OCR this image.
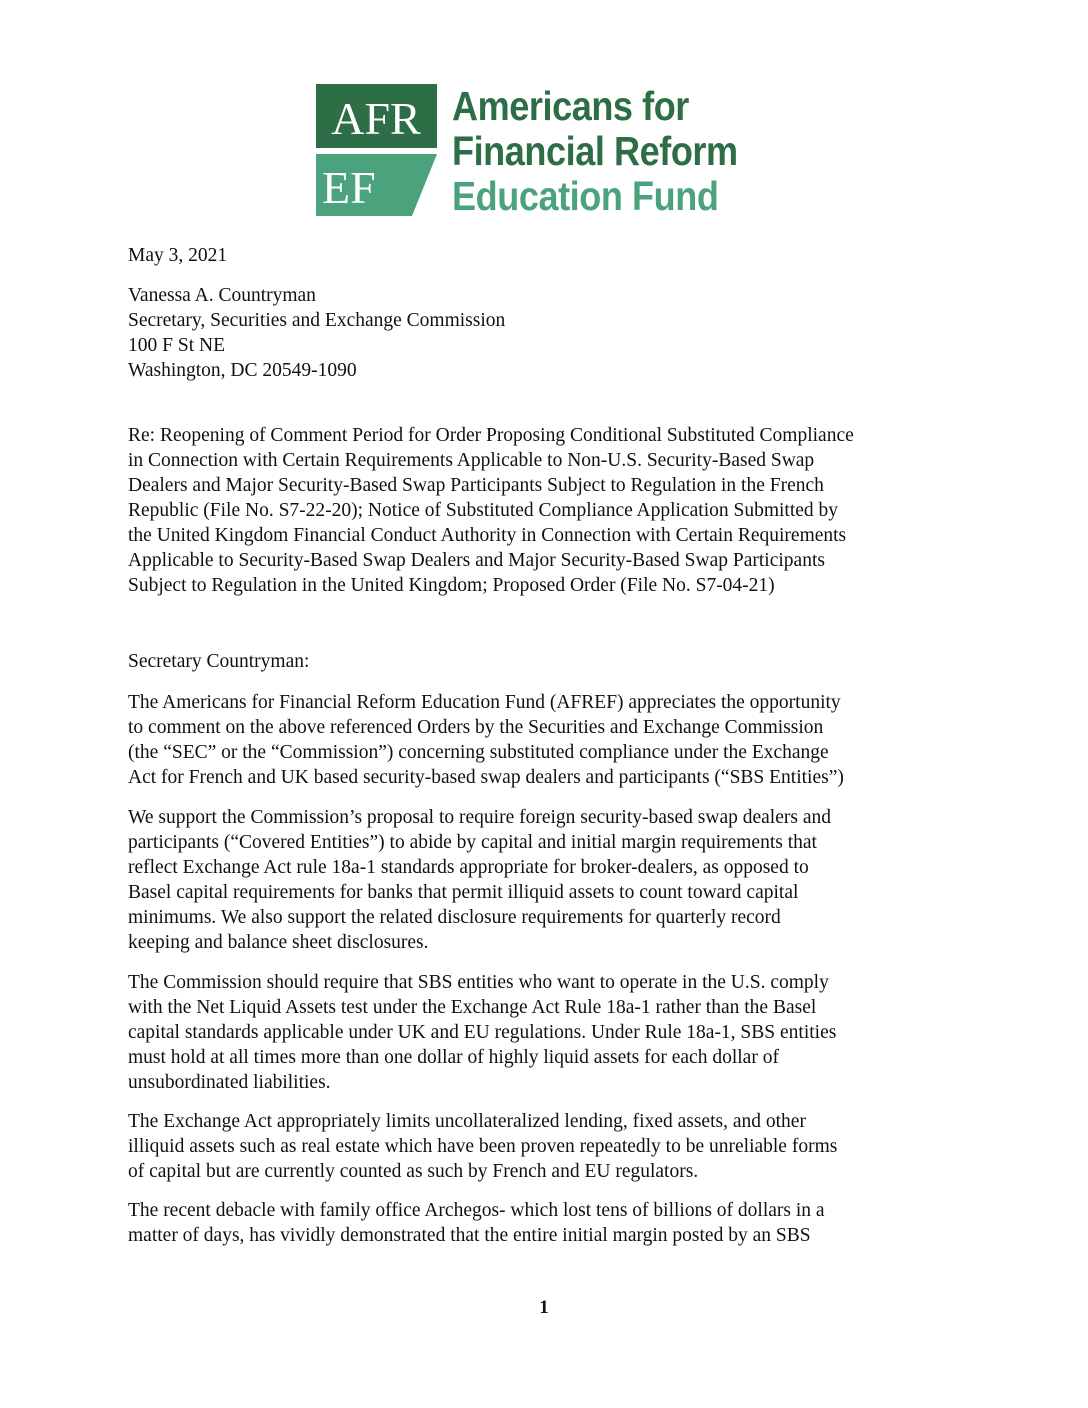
AFR
EF
Americans for
Financial Reform
Education Fund
May 3, 2021
Vanessa A. Countryman
Secretary, Securities and Exchange Commission
100 F St NE
Washington, DC 20549-1090
Re: Reopening of Comment Period for Order Proposing Conditional Substituted Compliance
in Connection with Certain Requirements Applicable to Non-U.S. Security-Based Swap
Dealers and Major Security-Based Swap Participants Subject to Regulation in the French
Republic (File No. S7-22-20); Notice of Substituted Compliance Application Submitted by
the United Kingdom Financial Conduct Authority in Connection with Certain Requirements
Applicable to Security-Based Swap Dealers and Major Security-Based Swap Participants
Subject to Regulation in the United Kingdom; Proposed Order (File No. S7-04-21)
Secretary Countryman:
The Americans for Financial Reform Education Fund (AFREF) appreciates the opportunity
to comment on the above referenced Orders by the Securities and Exchange Commission
(the “SEC” or the “Commission”) concerning substituted compliance under the Exchange
Act for French and UK based security-based swap dealers and participants (“SBS Entities”)
We support the Commission’s proposal to require foreign security-based swap dealers and
participants (“Covered Entities”) to abide by capital and initial margin requirements that
reflect Exchange Act rule 18a-1 standards appropriate for broker-dealers, as opposed to
Basel capital requirements for banks that permit illiquid assets to count toward capital
minimums. We also support the related disclosure requirements for quarterly record
keeping and balance sheet disclosures.
The Commission should require that SBS entities who want to operate in the U.S. comply
with the Net Liquid Assets test under the Exchange Act Rule 18a-1 rather than the Basel
capital standards applicable under UK and EU regulations. Under Rule 18a-1, SBS entities
must hold at all times more than one dollar of highly liquid assets for each dollar of
unsubordinated liabilities.
The Exchange Act appropriately limits uncollateralized lending, fixed assets, and other
illiquid assets such as real estate which have been proven repeatedly to be unreliable forms
of capital but are currently counted as such by French and EU regulators.
The recent debacle with family office Archegos- which lost tens of billions of dollars in a
matter of days, has vividly demonstrated that the entire initial margin posted by an SBS
1
